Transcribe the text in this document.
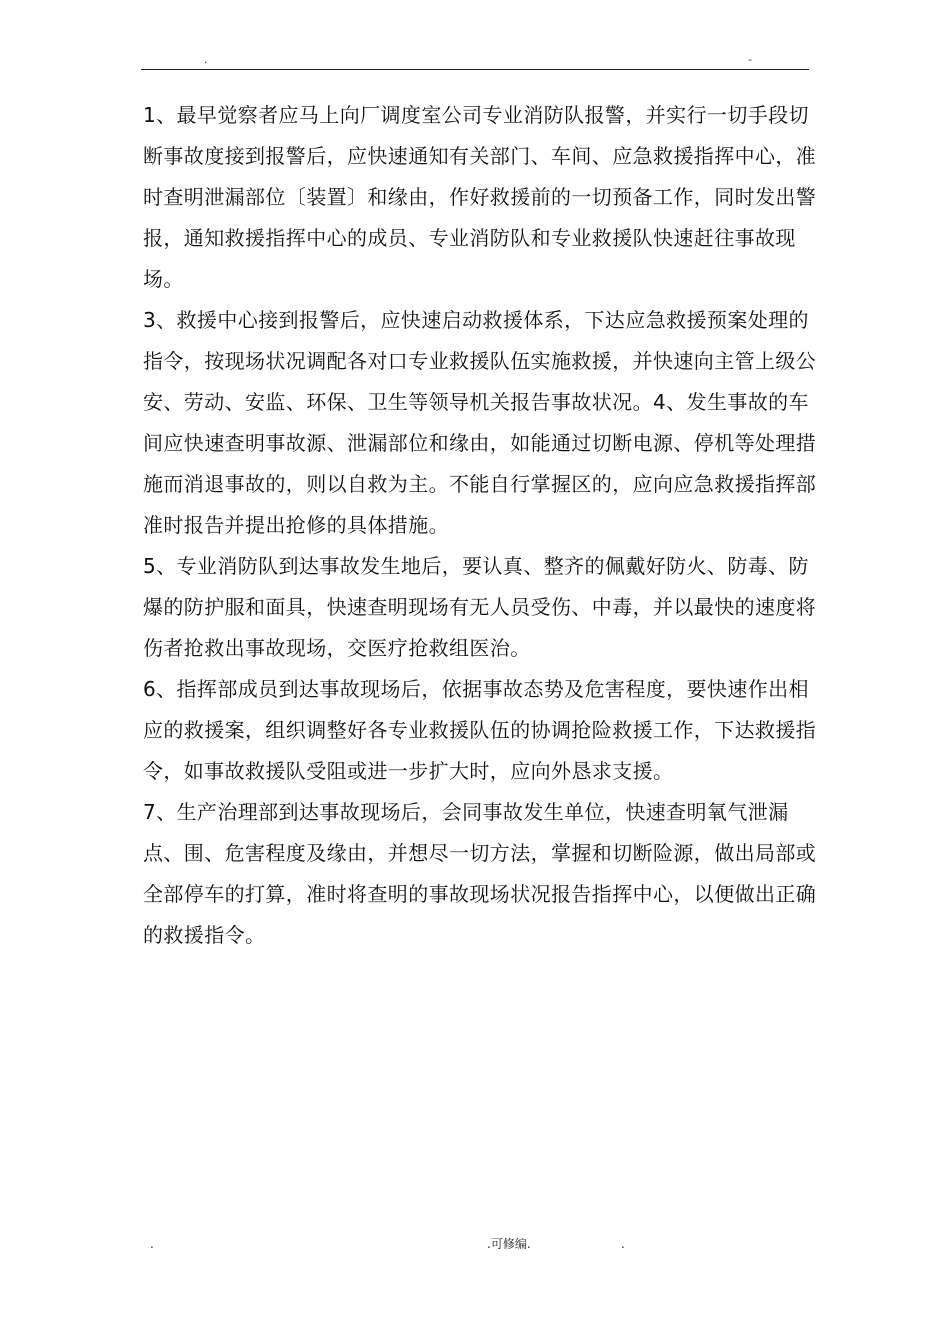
.	-

1、最早觉察者应马上向厂调度室公司专业消防队报警，并实行一切手段切断事故度接到报警后，应快速通知有关部门、车间、应急救援指挥中心，准时查明泄漏部位〔装置〕和缘由，作好救援前的一切预备工作，同时发出警报，通知救援指挥中心的成员、专业消防队和专业救援队快速赶往事故现场。

3、救援中心接到报警后，应快速启动救援体系，下达应急救援预案处理的指令，按现场状况调配各对口专业救援队伍实施救援，并快速向主管上级公安、劳动、安监、环保、卫生等领导机关报告事故状况。4、发生事故的车间应快速查明事故源、泄漏部位和缘由，如能通过切断电源、停机等处理措施而消退事故的，则以自救为主。不能自行掌握区的，应向应急救援指挥部准时报告并提出抢修的具体措施。

5、专业消防队到达事故发生地后，要认真、整齐的佩戴好防火、防毒、防爆的防护服和面具，快速查明现场有无人员受伤、中毒，并以最快的速度将伤者抢救出事故现场，交医疗抢救组医治。

6、指挥部成员到达事故现场后，依据事故态势及危害程度，要快速作出相应的救援案，组织调整好各专业救援队伍的协调抢险救援工作，下达救援指令，如事故救援队受阻或进一步扩大时，应向外恳求支援。

7、生产治理部到达事故现场后，会同事故发生单位，快速查明氧气泄漏点、围、危害程度及缘由，并想尽一切方法，掌握和切断险源，做出局部或全部停车的打算，准时将查明的事故现场状况报告指挥中心，以便做出正确的救援指令。

.	.可修编.	.
